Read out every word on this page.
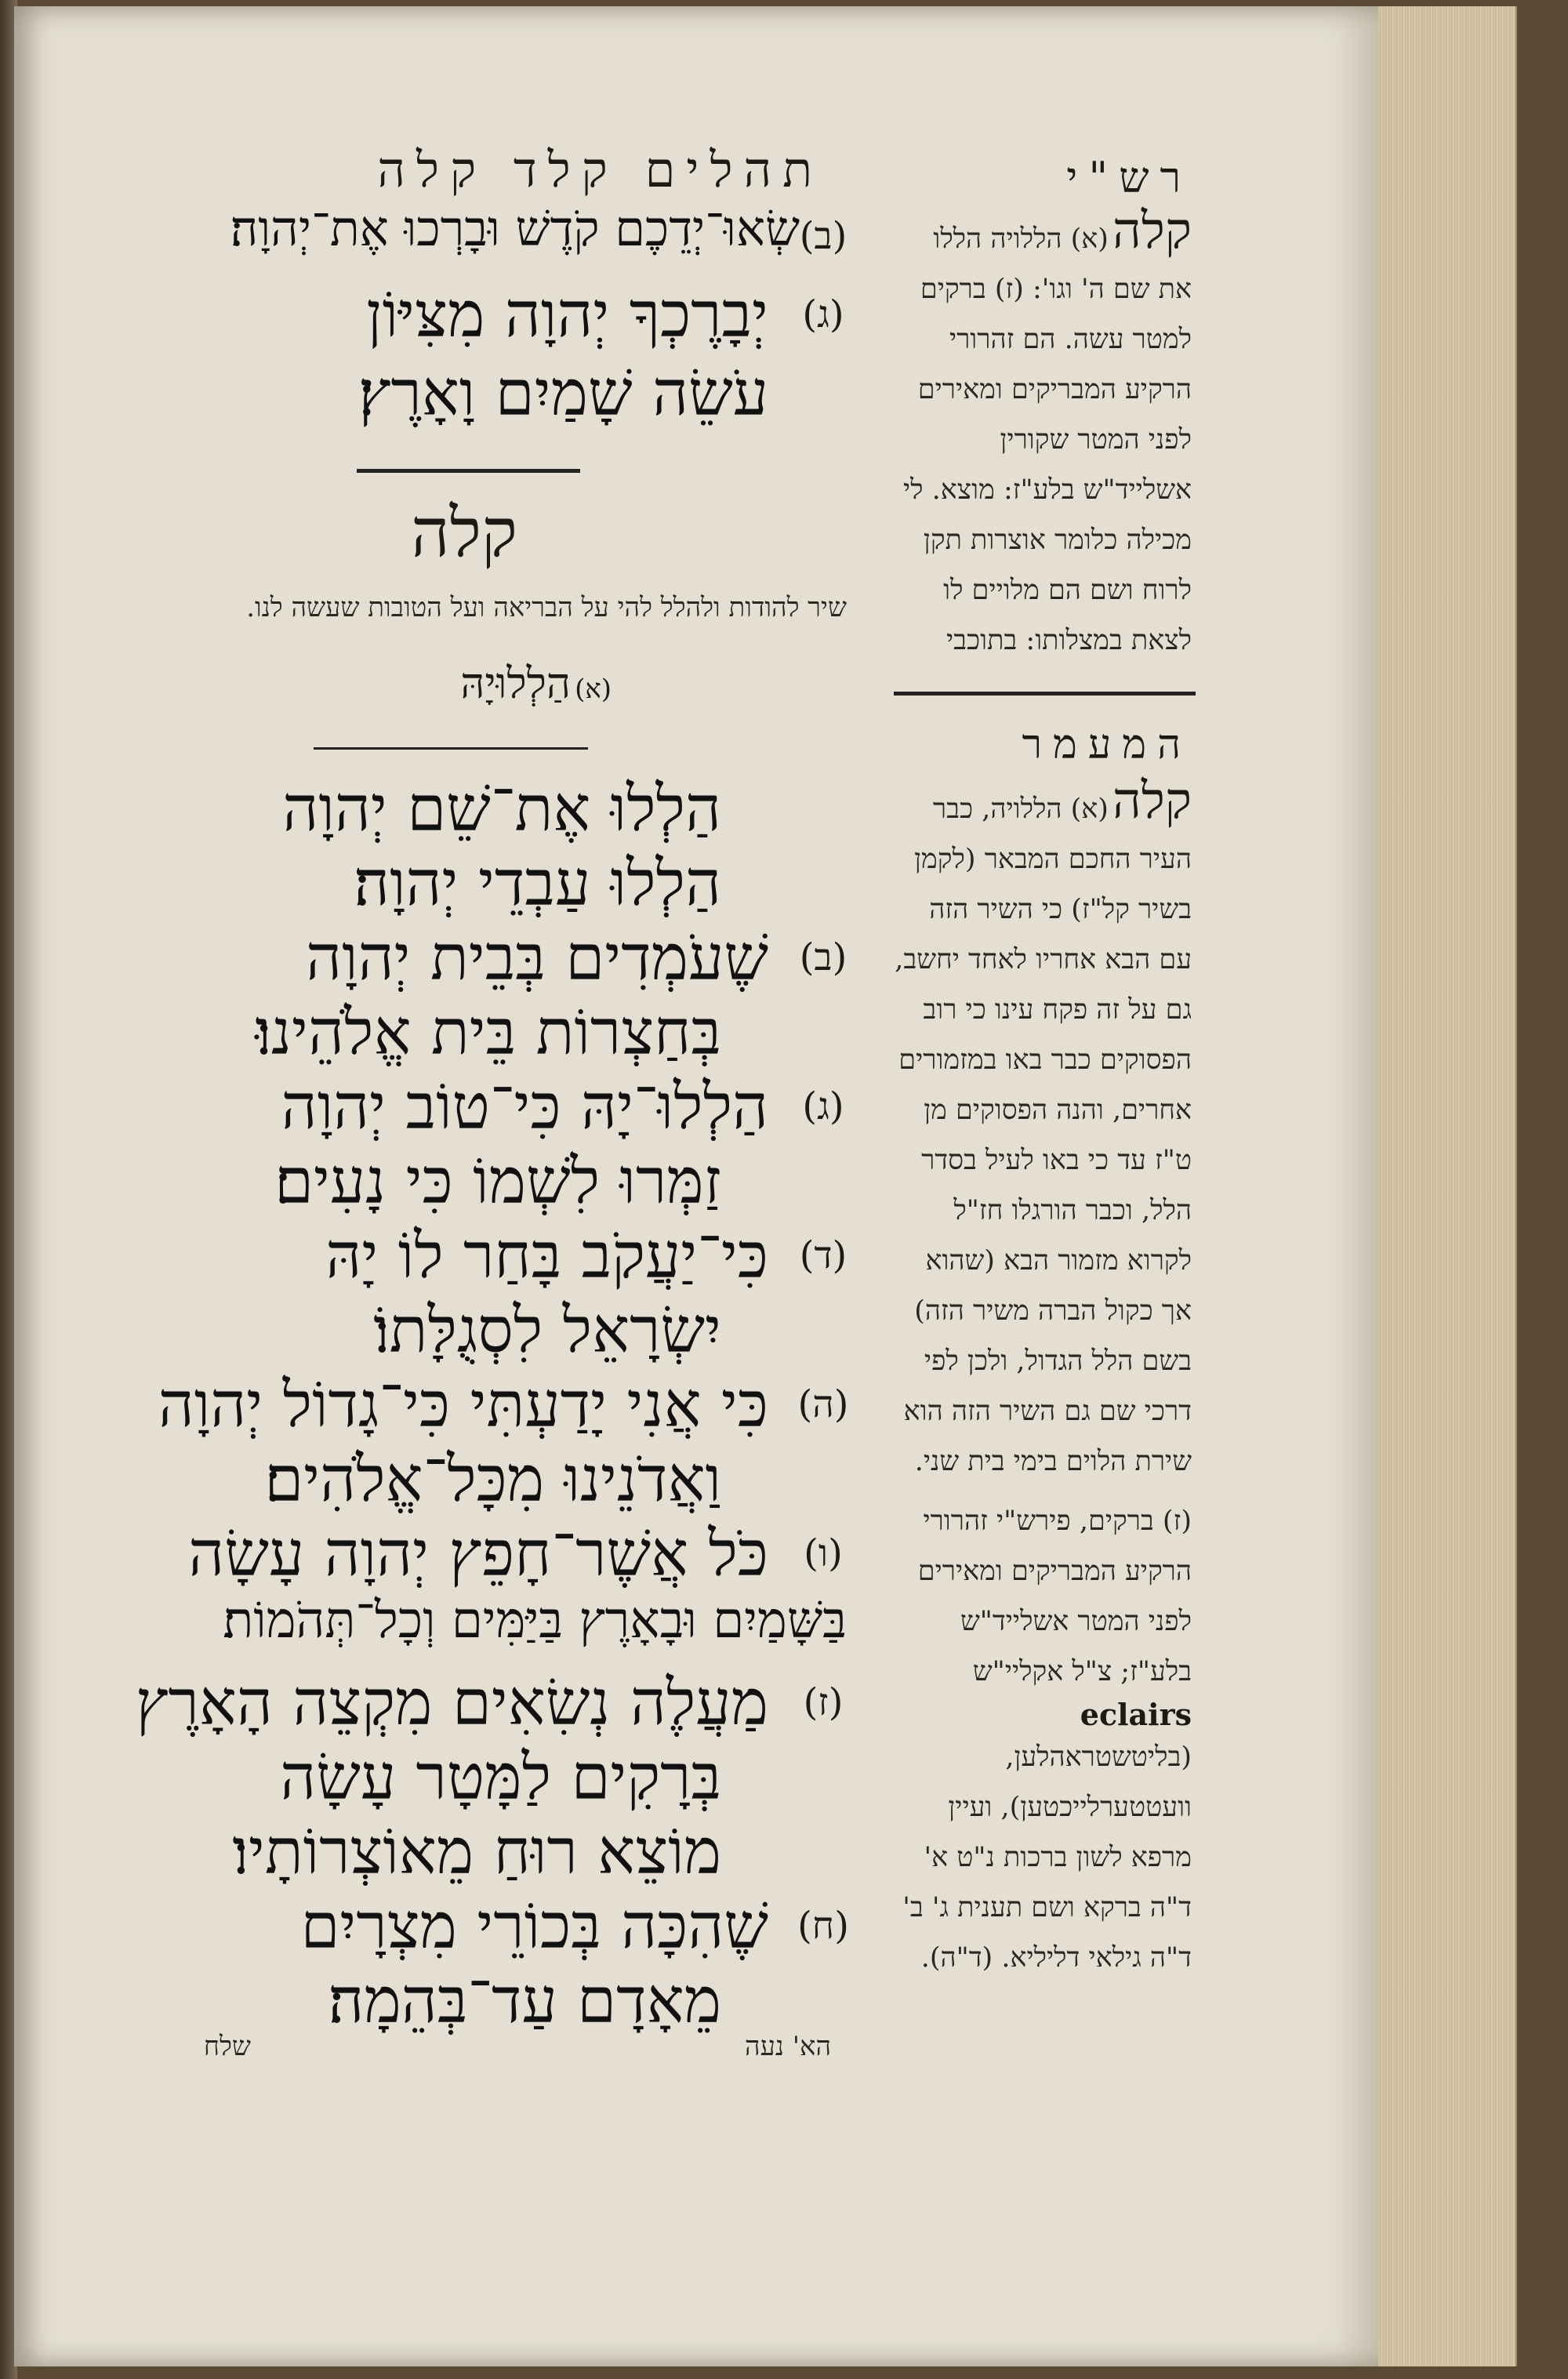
תהלים קלד קלה
(ב)
שְׂאוּ־יְדֵכֶם קֹדֶשׁ וּבָרְכוּ אֶת־יְהוָה׃
(ג)
יְבָרֶכְךָ יְהוָה מִצִּיּוֹן
עֹשֵׂה שָׁמַיִם וָאָרֶץ׃
קלה
שיר להודות ולהלל להי על הבריאה ועל הטובות שעשה לנו.
(א) הַלְלוּיָהּ
הַלְלוּ אֶת־שֵׁם יְהוָה
הַלְלוּ עַבְדֵי יְהוָה׃
(ב)
שֶׁעֹמְדִים בְּבֵית יְהוָה
בְּחַצְרוֹת בֵּית אֱלֹהֵינוּ׃
(ג)
הַלְלוּ־יָהּ כִּי־טוֹב יְהוָה
זַמְּרוּ לִשְׁמוֹ כִּי נָעִים׃
(ד)
כִּי־יַעֲקֹב בָּחַר לוֹ יָהּ
יִשְׂרָאֵל לִסְגֻלָּתוֹ׃
(ה)
כִּי אֲנִי יָדַעְתִּי כִּי־גָדוֹל יְהוָה
וַאֲדֹנֵינוּ מִכָּל־אֱלֹהִים׃
(ו)
כֹּל אֲשֶׁר־חָפֵץ יְהוָה עָשָׂה
בַּשָּׁמַיִם וּבָאָרֶץ בַּיַּמִּים וְכָל־תְּהֹמוֹת׃
(ז)
מַעֲלֶה נְשִׂאִים מִקְצֵה הָאָרֶץ
בְּרָקִים לַמָּטָר עָשָׂה
מוֹצֵא רוּחַ מֵאוֹצְרוֹתָיו׃
(ח)
שֶׁהִכָּה בְּכוֹרֵי מִצְרָיִם
מֵאָדָם עַד־בְּהֵמָה׃
רש"י
קלה (א) הללויה הללו את שם ה' וגו': (ז) ברקים למטר עשה. הם זהרורי הרקיע המבריקים ומאירים לפני המטר שקורין אשלייד"ש בלע"ז: מוצא. לי מכילה כלומר אוצרות תקן לרוח ושם הם מלויים לו לצאת במצלותו: בתוכבי
המעמר
קלה (א) הללויה, כבר העיר החכם המבאר (לקמן בשיר קל"ז) כי השיר הזה עם הבא אחריו לאחד יחשב, גם על זה פקח עינו כי רוב הפסוקים כבר באו במזמורים אחרים, והנה הפסוקים מן ט"ז עד כי באו לעיל בסדר הלל, וכבר הורגלו חז"ל לקרוא מזמור הבא (שהוא אך כקול הברה משיר הזה) בשם הלל הגדול, ולכן לפי דרכי שם גם השיר הזה הוא שירת הלוים בימי בית שני.
(ז) ברקים, פירש"י זהרורי הרקיע המבריקים ומאירים לפני המטר אשלייד"ש בלע"ז; צ"ל אקליי"ש eclairs (בליטשטראהלען, וועטטערלייכטען), ועיין מרפא לשון ברכות נ"ט א' ד"ה ברקא ושם תענית ג' ב' ד"ה גילאי דליליא. (ד"ה).
הא' נעה
שלח
